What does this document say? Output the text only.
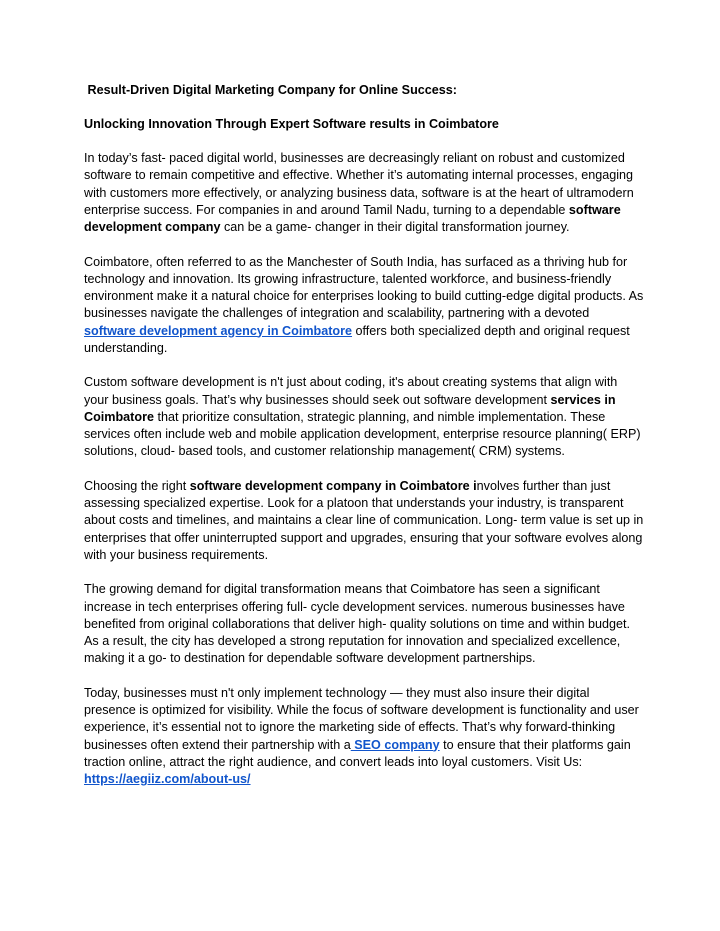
Result-Driven Digital Marketing Company for Online Success:
Unlocking Innovation Through Expert Software results in Coimbatore

In today’s fast- paced digital world, businesses are decreasingly reliant on robust and customized software to remain competitive and effective. Whether it’s automating internal processes, engaging with customers more effectively, or analyzing business data, software is at the heart of ultramodern enterprise success. For companies in and around Tamil Nadu, turning to a dependable software development company can be a game- changer in their digital transformation journey.

Coimbatore, often referred to as the Manchester of South India, has surfaced as a thriving hub for technology and innovation. Its growing infrastructure, talented workforce, and business-friendly environment make it a natural choice for enterprises looking to build cutting-edge digital products. As businesses navigate the challenges of integration and scalability, partnering with a devoted software development agency in Coimbatore offers both specialized depth and original request understanding.

Custom software development is n't just about coding, it's about creating systems that align with your business goals. That’s why businesses should seek out software development services in Coimbatore that prioritize consultation, strategic planning, and nimble implementation. These services often include web and mobile application development, enterprise resource planning( ERP) solutions, cloud- based tools, and customer relationship management( CRM) systems.

Choosing the right software development company in Coimbatore involves further than just assessing specialized expertise. Look for a platoon that understands your industry, is transparent about costs and timelines, and maintains a clear line of communication. Long- term value is set up in enterprises that offer uninterrupted support and upgrades, ensuring that your software evolves along with your business requirements.

The growing demand for digital transformation means that Coimbatore has seen a significant increase in tech enterprises offering full- cycle development services. numerous businesses have benefited from original collaborations that deliver high- quality solutions on time and within budget. As a result, the city has developed a strong reputation for innovation and specialized excellence, making it a go- to destination for dependable software development partnerships.

Today, businesses must n't only implement technology — they must also insure their digital presence is optimized for visibility. While the focus of software development is functionality and user experience, it’s essential not to ignore the marketing side of effects. That’s why forward-thinking businesses often extend their partnership with a SEO company to ensure that their platforms gain traction online, attract the right audience, and convert leads into loyal customers. Visit Us: https://aegiiz.com/about-us/
